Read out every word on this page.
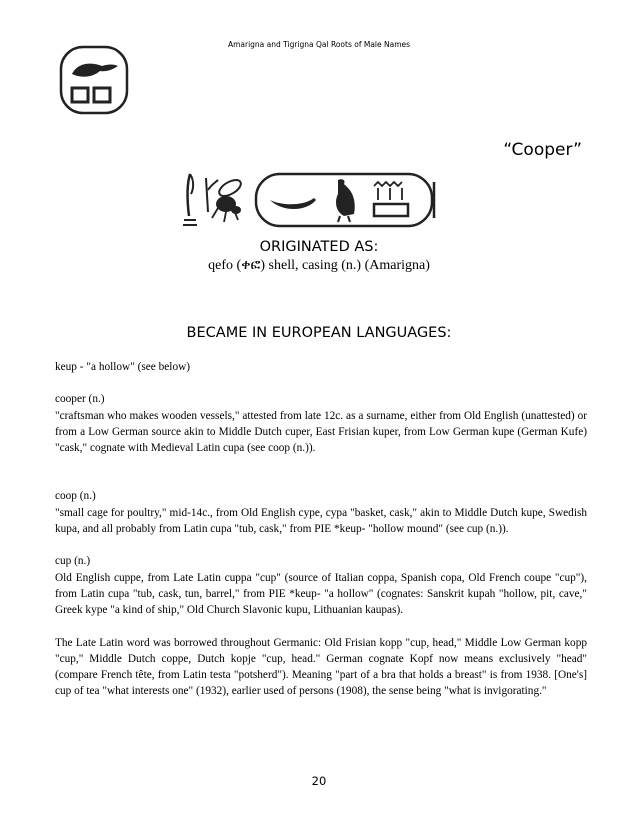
Amarigna and Tigrigna Qal Roots of Male Names
“Cooper”
ORIGINATED AS:
qefo (ቀፎ) shell, casing (n.) (Amarigna)
BECAME IN EUROPEAN LANGUAGES:

keup - "a hollow" (see below)

cooper (n.)

"craftsman who makes wooden vessels," attested from late 12c. as a surname, either from Old English (unattested) or from a Low German source akin to Middle Dutch cuper, East Frisian kuper, from Low German kupe (German Kufe) "cask," cognate with Medieval Latin cupa (see coop (n.)).

coop (n.)

"small cage for poultry," mid-14c., from Old English cype, cypa "basket, cask," akin to Middle Dutch kupe, Swedish kupa, and all probably from Latin cupa "tub, cask," from PIE *keup- "hollow mound" (see cup (n.)).

cup (n.)

Old English cuppe, from Late Latin cuppa "cup" (source of Italian coppa, Spanish copa, Old French coupe "cup"), from Latin cupa "tub, cask, tun, barrel," from PIE *keup- "a hollow" (cognates: Sanskrit kupah "hollow, pit, cave," Greek kype "a kind of ship," Old Church Slavonic kupu, Lithuanian kaupas).

The Late Latin word was borrowed throughout Germanic: Old Frisian kopp "cup, head," Middle Low German kopp "cup," Middle Dutch coppe, Dutch kopje "cup, head." German cognate Kopf now means exclusively "head" (compare French tête, from Latin testa "potsherd"). Meaning "part of a bra that holds a breast" is from 1938. [One's] cup of tea "what interests one" (1932), earlier used of persons (1908), the sense being "what is invigorating."

20
